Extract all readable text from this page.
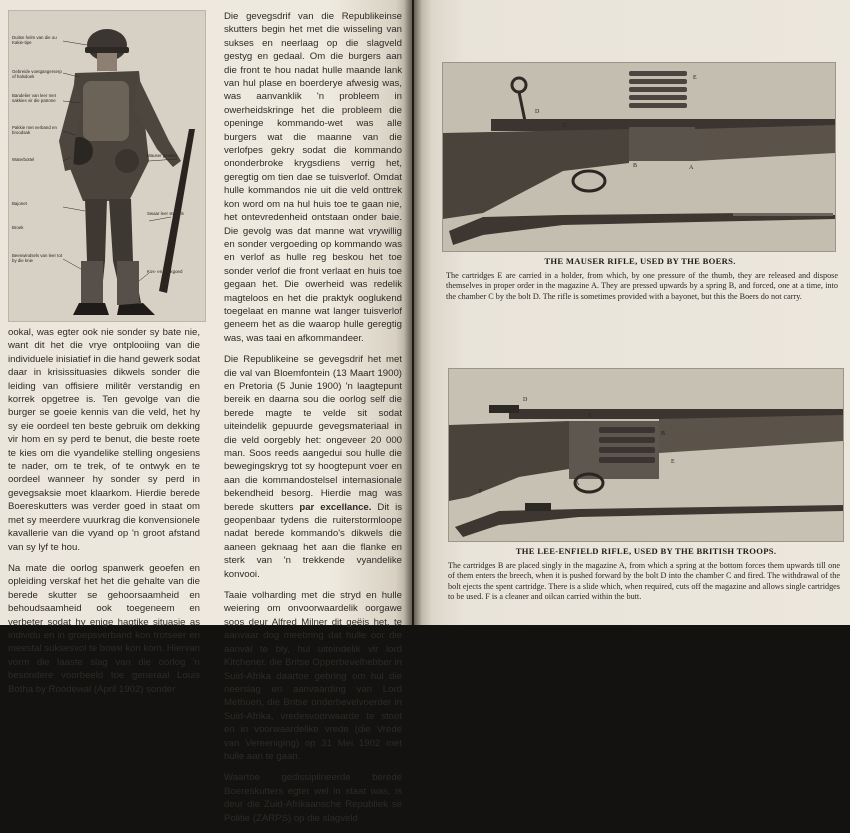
Duitse helm van die ou Kakie-tipe
Gebreide voetgangerserp of halsdoek
Bandelier van leer met sakkies vir die patrone
Pakkie met verband en broodsak
Waterbottel
Bajonet
Broek
Beenwindsels van leer tot by die knie
Mauser geweer
Swaar leer stewels
Kos- en kookgoed

ookal, was egter ook nie sonder sy bate nie, want dit het die vrye ontplooiing van die individuele inisiatief in die hand gewerk sodat daar in krisissituasies dikwels sonder die leiding van offisiere militêr verstandig en korrek opgetree is. Ten gevolge van die burger se goeie kennis van die veld, het hy sy eie oordeel ten beste gebruik om dekking vir hom en sy perd te benut, die beste roete te kies om die vyandelike stelling ongesiens te nader, om te trek, of te ontwyk en te oordeel wanneer hy sonder sy perd in gevegsaksie moet klaarkom. Hierdie berede Boereskutters was verder goed in staat om met sy meerdere vuurkrag die konvensionele kavallerie van die vyand op 'n groot afstand van sy lyf te hou.

Na mate die oorlog spanwerk geoefen en opleiding verskaf het het die gehalte van die berede skutter se gehoorsaamheid en behoudsaamheid ook toegeneem en verbeter sodat hy enige hagtike situasie as individu en in groepsverband kon trotseer en meestal suksesvol te bowe kon kom. Hiervan vorm die laaste slag van die oorlog 'n besondere voorbeeld toe generaal Louis Botha by Roodewal (April 1902) sonder

Die gevegsdrif van die Republikeinse skutters begin het met die wisseling van sukses en neerlaag op die slagveld gestyg en gedaal. Om die burgers aan die front te hou nadat hulle maande lank van hul plase en boerderye afwesig was, was aanvanklik 'n probleem in owerheidskringe het die probleem die openinge kommando-wet was alle burgers wat die maanne van die verlofpes gekry sodat die kommando ononderbroke krygsdiens verrig het, geregtig om tien dae se tuisverlof. Omdat hulle kommandos nie uit die veld onttrek kon word om na hul huis toe te gaan nie, het ontevredenheid ontstaan onder baie. Die gevolg was dat manne wat vrywillig en sonder vergoeding op kommando was en verlof as hulle reg beskou het toe sonder verlof die front verlaat en huis toe gegaan het. Die owerheid was redelik magteloos en het die praktyk ooglukend toegelaat en manne wat langer tuisverlof geneem het as die waarop hulle geregtig was, was taai en afkommandeer.

Die Republikeine se gevegsdrif het met die val van Bloemfontein (13 Maart 1900) en Pretoria (5 Junie 1900) 'n laagtepunt bereik en daarna sou die oorlog self die berede magte te velde sit sodat uiteindelik gepuurde gevegsmateriaal in die veld oorgebly het: ongeveer 20 000 man. Soos reeds aangedui sou hulle die bewegingskryg tot sy hoogtepunt voer en aan die kommandostelsel internasionale bekendheid besorg. Hierdie mag was berede skutters par excellance. Dit is geopenbaar tydens die ruiterstormloope nadat berede kommando's dikwels die aaneen geknaag het aan die flanke en sterk van 'n trekkende vyandelike konvooi.

Taaie volharding met die stryd en hulle weiering om onvoorwaardelik oorgawe soos deur Alfred Milner dit geëis het, te aanvaar dog meebring dat hulle oor die aanval te bly, hul uiteindelik vir lord Kitchener, die Britse Opperbevelhebber in Suid-Afrika daartoe gebring om hul die neerslag en aanvaarding van Lord Methuen, die Britse onderbevelvoerder in Suid-Afrika, vredesvoorwaarde te stoot en in voorwaardelike vrede (die Vrede van Vereeniging) op 31 Mei 1902 met hulle aan te gaan.

Waartoe gedissiplineerde berede Boereskutters egter wel in staat was, is deur die Zuid-Afrikaansche Republiek se Politie (ZARPS) op die slagveld

E
B	A
C
D
THE MAUSER RIFLE, USED BY THE BOERS.

The cartridges E are carried in a holder, from which, by one pressure of the thumb, they are released and dispose themselves in proper order in the magazine A. They are pressed upwards by a spring B, and forced, one at a time, into the chamber C by the bolt D. The rifle is sometimes provided with a bayonet, but this the Boers do not carry.

D
A
C
B
E
F
THE LEE-ENFIELD RIFLE, USED BY THE BRITISH TROOPS.

The cartridges B are placed singly in the magazine A, from which a spring at the bottom forces them upwards till one of them enters the breech, when it is pushed forward by the bolt D into the chamber C and fired. The withdrawal of the bolt ejects the spent cartridge. There is a slide which, when required, cuts off the magazine and allows single cartridges to be used. F is a cleaner and oilcan carried within the butt.
